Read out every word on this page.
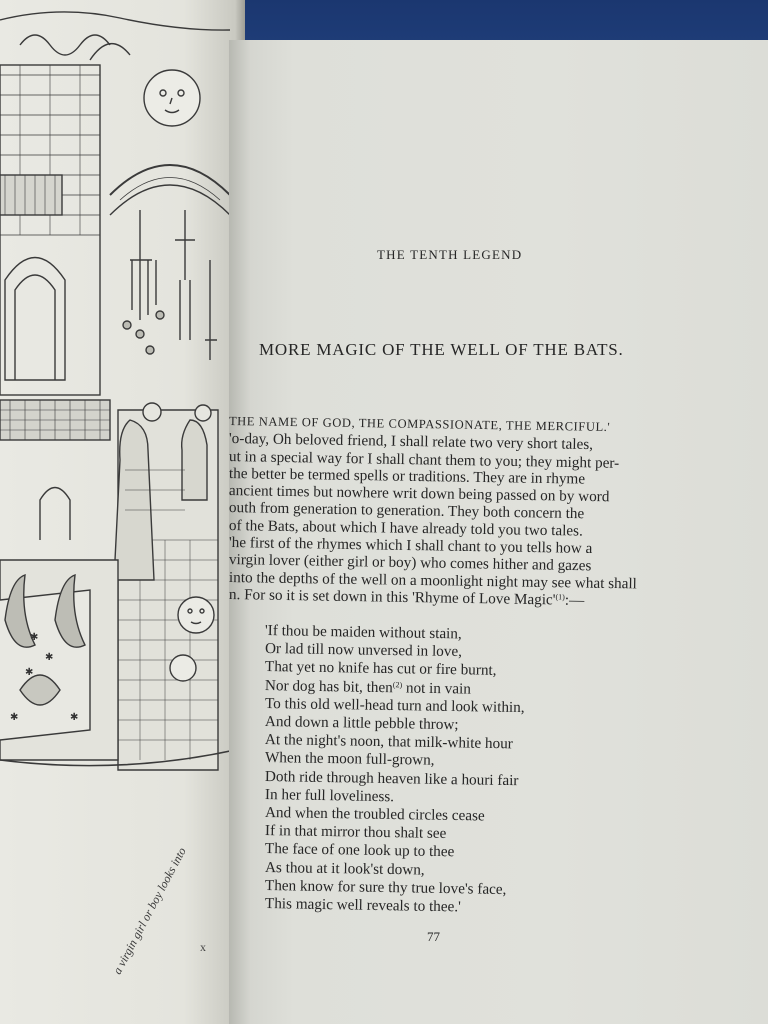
✱
✱
✱
✱
✱
x
a virgin girl or boy looks into
THE TENTH LEGEND
MORE MAGIC OF THE WELL OF THE BATS.
THE NAME OF GOD, THE COMPASSIONATE, THE MERCIFUL.'
'o-day, Oh beloved friend, I shall relate two very short tales,
ut in a special way for I shall chant them to you; they might per-
the better be termed spells or traditions. They are in rhyme
ancient times but nowhere writ down being passed on by word
outh from generation to generation. They both concern the
of the Bats, about which I have already told you two tales.
'he first of the rhymes which I shall chant to you tells how a
virgin lover (either girl or boy) who comes hither and gazes
into the depths of the well on a moonlight night may see what shall
n. For so it is set down in this 'Rhyme of Love $Magic'^{(1)}:—$
'If thou be maiden without stain,
Or lad till now unversed in love,
That yet no knife has cut or fire burnt,
Nor dog has bit, then$^{(2)}$ not in vain
To this old well-head turn and look within,
And down a little pebble throw;
At the night's noon, that milk-white hour
When the moon full-grown,
Doth ride through heaven like a houri fair
In her full loveliness.
And when the troubled circles cease
If in that mirror thou shalt see
The face of one look up to thee
As thou at it look'st down,
Then know for sure thy true love's face,
This magic well reveals to thee.'
77
